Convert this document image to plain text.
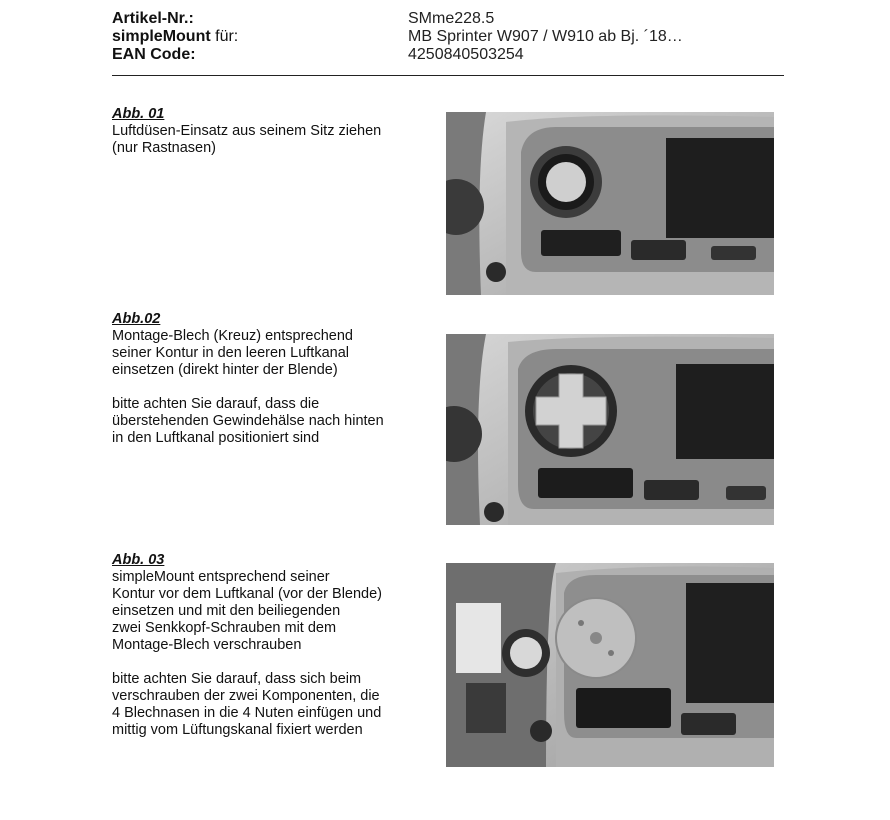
Artikel-Nr.:	SMme228.5
simpleMount für:	MB Sprinter W907 / W910 ab Bj. ´18…
EAN Code:	4250840503254
Abb. 01

Luftdüsen-Einsatz aus seinem Sitz ziehen

(nur Rastnasen)

Abb.02

Montage-Blech (Kreuz) entsprechend

seiner Kontur in den leeren Luftkanal

einsetzen (direkt hinter der Blende)

bitte achten Sie darauf, dass die

überstehenden Gewindehälse nach hinten

in den Luftkanal positioniert sind

Abb. 03

simpleMount entsprechend seiner

Kontur vor dem Luftkanal (vor der Blende)

einsetzen und mit den beiliegenden

zwei Senkkopf-Schrauben mit dem

Montage-Blech verschrauben

bitte achten Sie darauf, dass sich beim

verschrauben der zwei Komponenten, die

4 Blechnasen in die 4 Nuten einfügen und

mittig vom Lüftungskanal fixiert werden
